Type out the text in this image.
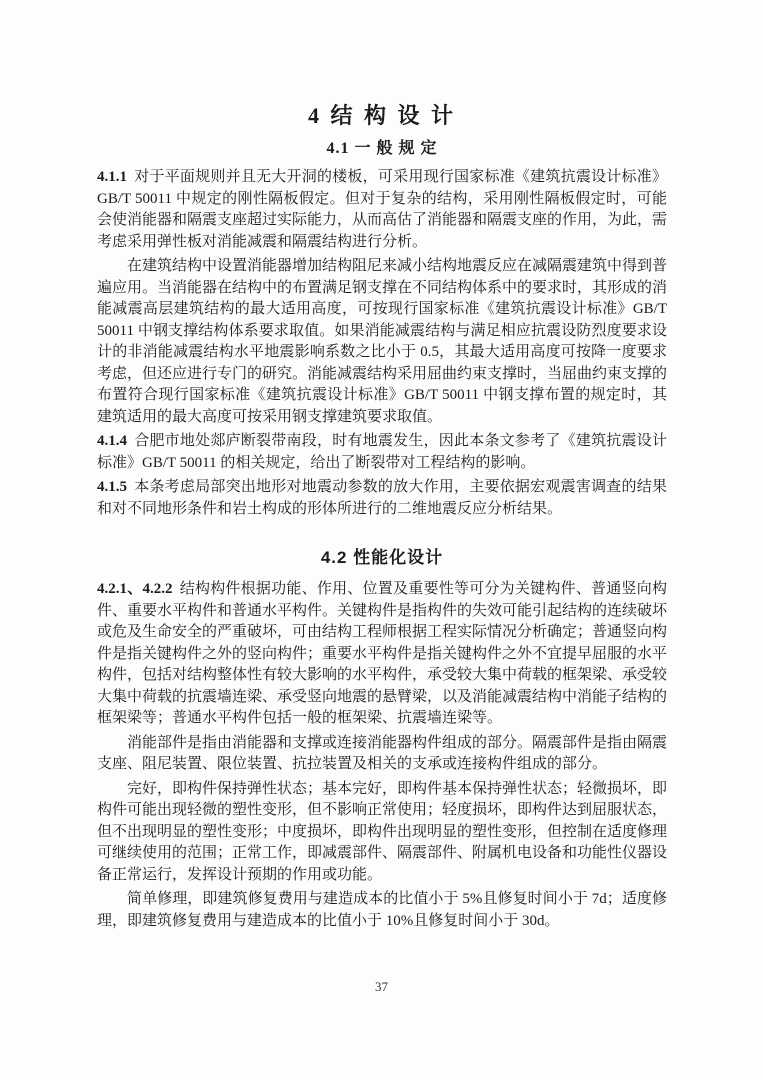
4 结 构 设 计
4.1 一 般 规 定

4.1.1 对于平面规则并且无大开洞的楼板，可采用现行国家标准《建筑抗震设计标准》GB/T 50011 中规定的刚性隔板假定。但对于复杂的结构，采用刚性隔板假定时，可能会使消能器和隔震支座超过实际能力，从而高估了消能器和隔震支座的作用，为此，需考虑采用弹性板对消能减震和隔震结构进行分析。

在建筑结构中设置消能器增加结构阻尼来减小结构地震反应在减隔震建筑中得到普遍应用。当消能器在结构中的布置满足钢支撑在不同结构体系中的要求时，其形成的消能减震高层建筑结构的最大适用高度，可按现行国家标准《建筑抗震设计标准》GB/T 50011 中钢支撑结构体系要求取值。如果消能减震结构与满足相应抗震设防烈度要求设计的非消能减震结构水平地震影响系数之比小于 0.5，其最大适用高度可按降一度要求考虑，但还应进行专门的研究。消能减震结构采用屈曲约束支撑时，当屈曲约束支撑的布置符合现行国家标准《建筑抗震设计标准》GB/T 50011 中钢支撑布置的规定时，其建筑适用的最大高度可按采用钢支撑建筑要求取值。

4.1.4 合肥市地处郯庐断裂带南段，时有地震发生，因此本条文参考了《建筑抗震设计标准》GB/T 50011 的相关规定，给出了断裂带对工程结构的影响。

4.1.5 本条考虑局部突出地形对地震动参数的放大作用，主要依据宏观震害调查的结果和对不同地形条件和岩土构成的形体所进行的二维地震反应分析结果。

4.2 性能化设计

4.2.1、4.2.2 结构构件根据功能、作用、位置及重要性等可分为关键构件、普通竖向构件、重要水平构件和普通水平构件。关键构件是指构件的失效可能引起结构的连续破坏或危及生命安全的严重破坏，可由结构工程师根据工程实际情况分析确定；普通竖向构件是指关键构件之外的竖向构件；重要水平构件是指关键构件之外不宜提早屈服的水平构件，包括对结构整体性有较大影响的水平构件，承受较大集中荷载的框架梁、承受较大集中荷载的抗震墙连梁、承受竖向地震的悬臂梁，以及消能减震结构中消能子结构的框架梁等；普通水平构件包括一般的框架梁、抗震墙连梁等。

消能部件是指由消能器和支撑或连接消能器构件组成的部分。隔震部件是指由隔震支座、阻尼装置、限位装置、抗拉装置及相关的支承或连接构件组成的部分。

完好，即构件保持弹性状态；基本完好，即构件基本保持弹性状态；轻微损坏，即构件可能出现轻微的塑性变形，但不影响正常使用；轻度损坏，即构件达到屈服状态，但不出现明显的塑性变形；中度损坏，即构件出现明显的塑性变形，但控制在适度修理可继续使用的范围；正常工作，即减震部件、隔震部件、附属机电设备和功能性仪器设备正常运行，发挥设计预期的作用或功能。

简单修理，即建筑修复费用与建造成本的比值小于 5%且修复时间小于 7d；适度修理，即建筑修复费用与建造成本的比值小于 10%且修复时间小于 30d。

37
